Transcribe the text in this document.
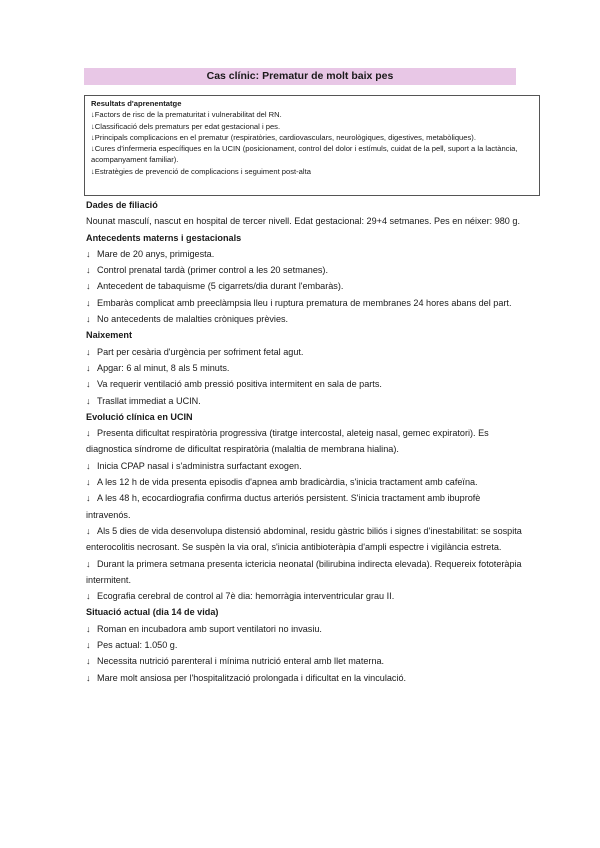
Cas clínic: Prematur de molt baix pes
Resultats d'aprenentatge
↓Factors de risc de la prematuritat i vulnerabilitat del RN.
↓Classificació dels prematurs per edat gestacional i pes.
↓Principals complicacions en el prematur (respiratòries, cardiovasculars, neurològiques, digestives, metabòliques).
↓Cures d'infermeria específiques en la UCIN (posicionament, control del dolor i estímuls, cuidat de la pell, suport a la lactància, acompanyament familiar).
↓Estratègies de prevenció de complicacions i seguiment post-alta
Dades de filiació
Nounat masculí, nascut en hospital de tercer nivell. Edat gestacional: 29+4 setmanes. Pes en néixer: 980 g.
Antecedents materns i gestacionals
↓ Mare de 20 anys, primigesta.
↓ Control prenatal tardà (primer control a les 20 setmanes).
↓ Antecedent de tabaquisme (5 cigarrets/dia durant l'embaràs).
↓ Embaràs complicat amb preeclàmpsia lleu i ruptura prematura de membranes 24 hores abans del part.
↓ No antecedents de malalties cròniques prèvies.
Naixement
↓ Part per cesària d'urgència per sofriment fetal agut.
↓ Apgar: 6 al minut, 8 als 5 minuts.
↓ Va requerir ventilació amb pressió positiva intermitent en sala de parts.
↓ Trasllat immediat a UCIN.
Evolució clínica en UCIN
↓ Presenta dificultat respiratòria progressiva (tiratge intercostal, aleteig nasal, gemec expiratori). Es diagnostica síndrome de dificultat respiratòria (malaltia de membrana hialina).
↓ Inicia CPAP nasal i s'administra surfactant exogen.
↓ A les 12 h de vida presenta episodis d'apnea amb bradicàrdia, s'inicia tractament amb cafeïna.
↓ A les 48 h, ecocardiografia confirma ductus arteriós persistent. S'inicia tractament amb ibuprofè intravenós.
↓ Als 5 dies de vida desenvolupa distensió abdominal, residu gàstric biliós i signes d'inestabilitat: se sospita enterocolitis necrosant. Se suspèn la via oral, s'inicia antibioteràpia d'ampli espectre i vigilància estreta.
↓ Durant la primera setmana presenta ictericia neonatal (bilirubina indirecta elevada). Requereix fototeràpia intermitent.
↓ Ecografia cerebral de control al 7è dia: hemorràgia interventricular grau II.
Situació actual (dia 14 de vida)
↓ Roman en incubadora amb suport ventilatori no invasiu.
↓ Pes actual: 1.050 g.
↓ Necessita nutrició parenteral i mínima nutrició enteral amb llet materna.
↓ Mare molt ansiosa per l'hospitalització prolongada i dificultat en la vinculació.
